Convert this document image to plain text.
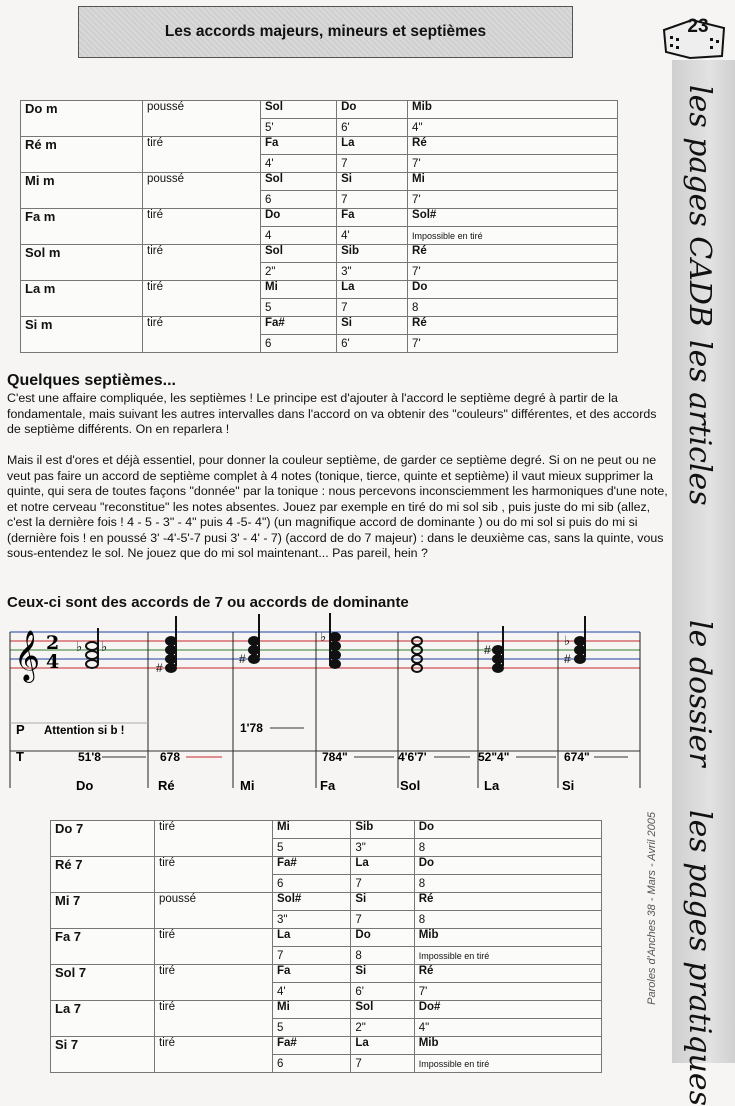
Les accords majeurs, mineurs et septièmes	23
les pages CADB
les articles
le dossier
les pages pratiques
Paroles d'Anches 38 - Mars - Avril 2005
Do m	poussé	Sol	Do	Mib
		5'	6'	4"
Ré m	tiré	Fa	La	Ré
		4'	7	7'
Mi m	poussé	Sol	Si	Mi
		6	7	7'
Fa m	tiré	Do	Fa	Sol#
		4	4'	Impossible en tiré
Sol m	tiré	Sol	Sib	Ré
		2"	3"	7'
La m	tiré	Mi	La	Do
		5	7	8
Si m	tiré	Fa#	Si	Ré
		6	6'	7'
Quelques septièmes...
C'est une affaire compliquée, les septièmes ! Le principe est d'ajouter à l'accord le septième degré à partir de la fondamentale, mais suivant les autres intervalles dans l'accord on va obtenir des "couleurs" différentes, et des accords de septième différents. On en reparlera !
Mais il est d'ores et déjà essentiel, pour donner la couleur septième, de garder ce septième degré. Si on ne peut ou ne veut pas faire un accord de septième complet à 4 notes (tonique, tierce, quinte et septième) il vaut mieux supprimer la quinte, qui sera de toutes façons "donnée" par la tonique : nous percevons inconsciemment les harmoniques d'une note, et notre cerveau "reconstitue" les notes absentes. Jouez par exemple en tiré do mi sol sib , puis juste do mi sib (allez, c'est la dernière fois ! 4 - 5 - 3" - 4" puis 4 -5- 4") (un magnifique accord de dominante ) ou do mi sol si puis do mi si (dernière fois ! en poussé 3' -4'-5'-7 pusi 3' - 4' - 7) (accord de do 7 majeur) : dans le deuxième cas, sans la quinte, vous sous-entendez le sol. Ne jouez que do mi sol maintenant... Pas pareil, hein ?
Ceux-ci sont des accords de 7 ou accords de dominante
𝄞 2
4
♭ ♭
#
#
♭
#
♭
#
P Attention si b !	1'78
T	51'8	678	784"	4'6'7'	52"4"	674"
Do	Ré	Mi	Fa	Sol	La	Si
Do 7	tiré	Mi	Sib	Do
		5	3"	8
Ré 7	tiré	Fa#	La	Do
		6	7	8
Mi 7	poussé	Sol#	Si	Ré
		3"	7	8
Fa 7	tiré	La	Do	Mib
		7	8	Impossible en tiré
Sol 7	tiré	Fa	Si	Ré
		4'	6'	7'
La 7	tiré	Mi	Sol	Do#
		5	2"	4"
Si 7	tiré	Fa#	La	Mib
		6	7	Impossible en tiré
